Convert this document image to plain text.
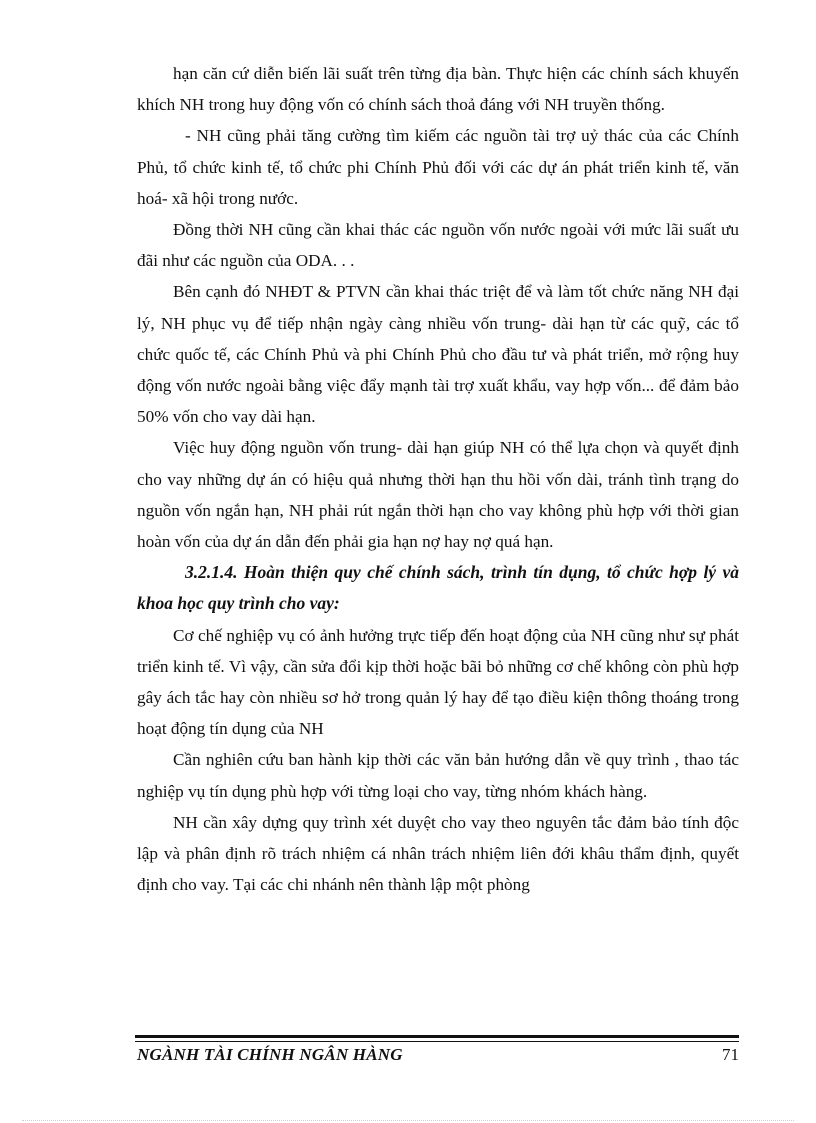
hạn căn cứ diễn biến lãi suất trên từng địa bàn. Thực hiện các chính sách khuyến khích NH trong huy động vốn có chính sách thoả đáng với NH truyền thống.

- NH cũng phải tăng cường tìm kiếm các nguồn tài trợ uỷ thác của các Chính Phủ, tổ chức kinh tế, tổ chức phi Chính Phủ đối với các dự án phát triển kinh tế, văn hoá- xã hội trong nước.

Đồng thời NH cũng cần khai thác các nguồn vốn nước ngoài với mức lãi suất ưu đãi như các nguồn của ODA. . .

Bên cạnh đó NHĐT & PTVN cần khai thác triệt để và làm tốt chức năng NH đại lý, NH phục vụ để tiếp nhận ngày càng nhiều vốn trung- dài hạn từ các quỹ, các tổ chức quốc tế, các Chính Phủ và phi Chính Phủ cho đầu tư và phát triển, mở rộng huy động vốn nước ngoài bằng việc đẩy mạnh tài trợ xuất khẩu, vay hợp vốn... để đảm bảo 50% vốn cho vay dài hạn.

Việc huy động nguồn vốn trung- dài hạn giúp NH có thể lựa chọn và quyết định cho vay những dự án có hiệu quả nhưng thời hạn thu hồi vốn dài, tránh tình trạng do nguồn vốn ngắn hạn, NH phải rút ngắn thời hạn cho vay không phù hợp với thời gian hoàn vốn của dự án dẫn đến phải gia hạn nợ hay nợ quá hạn.

3.2.1.4. Hoàn thiện quy chế chính sách, trình tín dụng, tổ chức hợp lý và khoa học quy trình cho vay:

Cơ chế nghiệp vụ có ảnh hưởng trực tiếp đến hoạt động của NH cũng như sự phát triển kinh tế. Vì vậy, cần sửa đổi kịp thời hoặc bãi bỏ những cơ chế không còn phù hợp gây ách tắc hay còn nhiều sơ hở trong quản lý hay để tạo điều kiện thông thoáng trong hoạt động tín dụng của NH

Cần nghiên cứu ban hành kịp thời các văn bản hướng dẫn về quy trình , thao tác nghiệp vụ tín dụng phù hợp với từng loại cho vay, từng nhóm khách hàng.

NH cần xây dựng quy trình xét duyệt cho vay theo nguyên tắc đảm bảo tính độc lập và phân định rõ trách nhiệm cá nhân trách nhiệm liên đới khâu thẩm định, quyết định cho vay. Tại các chi nhánh nên thành lập một phòng

NGÀNH TÀI CHÍNH NGÂN HÀNG	71
